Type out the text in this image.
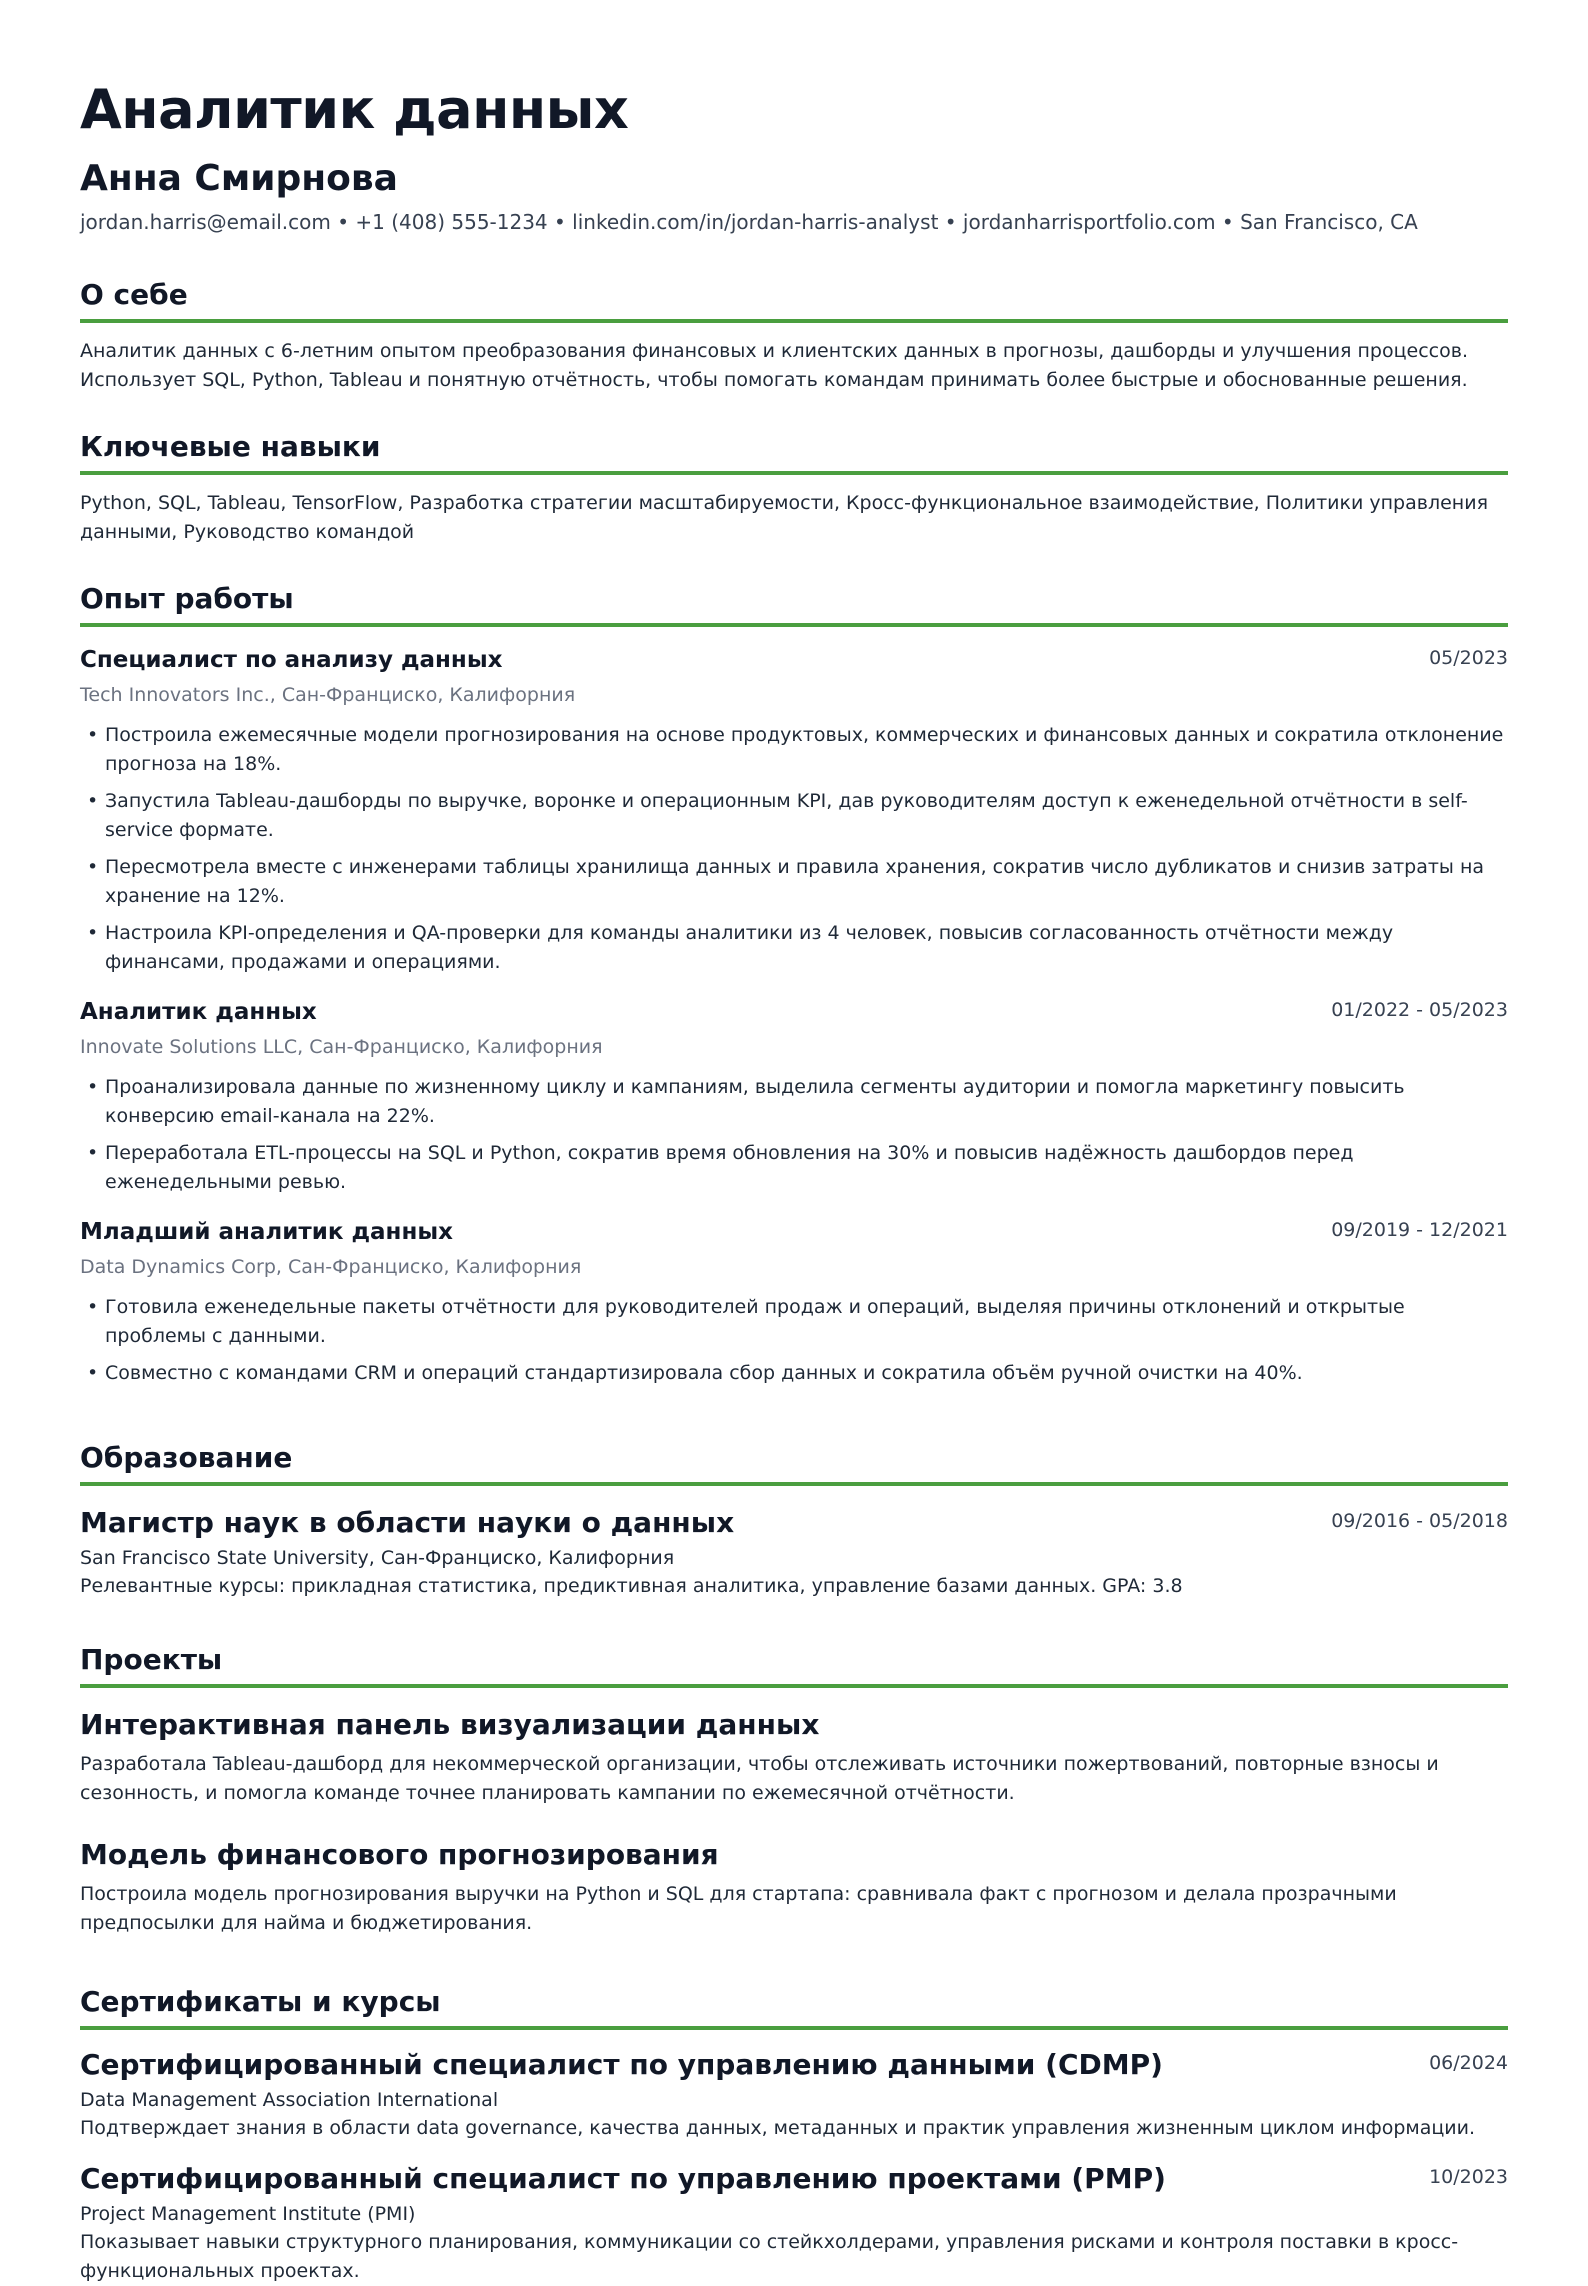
Аналитик данных
Анна Смирнова
jordan.harris@email.com • +1 (408) 555-1234 • linkedin.com/in/jordan-harris-analyst • jordanharrisportfolio.com • San Francisco, CA
О себе
Аналитик данных с 6-летним опытом преобразования финансовых и клиентских данных в прогнозы, дашборды и улучшения процессов. Использует SQL, Python, Tableau и понятную отчётность, чтобы помогать командам принимать более быстрые и обоснованные решения.
Ключевые навыки
Python, SQL, Tableau, TensorFlow, Разработка стратегии масштабируемости, Кросс-функциональное взаимодействие, Политики управления данными, Руководство командой
Опыт работы
Специалист по анализу данных	05/2023
Tech Innovators Inc., Сан-Франциско, Калифорния
• Построила ежемесячные модели прогнозирования на основе продуктовых, коммерческих и финансовых данных и сократила отклонение прогноза на 18%.
• Запустила Tableau-дашборды по выручке, воронке и операционным KPI, дав руководителям доступ к еженедельной отчётности в self-service формате.
• Пересмотрела вместе с инженерами таблицы хранилища данных и правила хранения, сократив число дубликатов и снизив затраты на хранение на 12%.
• Настроила KPI-определения и QA-проверки для команды аналитики из 4 человек, повысив согласованность отчётности между финансами, продажами и операциями.
Аналитик данных	01/2022 - 05/2023
Innovate Solutions LLC, Сан-Франциско, Калифорния
• Проанализировала данные по жизненному циклу и кампаниям, выделила сегменты аудитории и помогла маркетингу повысить конверсию email-канала на 22%.
• Переработала ETL-процессы на SQL и Python, сократив время обновления на 30% и повысив надёжность дашбордов перед еженедельными ревью.
Младший аналитик данных	09/2019 - 12/2021
Data Dynamics Corp, Сан-Франциско, Калифорния
• Готовила еженедельные пакеты отчётности для руководителей продаж и операций, выделяя причины отклонений и открытые проблемы с данными.
• Совместно с командами CRM и операций стандартизировала сбор данных и сократила объём ручной очистки на 40%.
Образование
Магистр наук в области науки о данных	09/2016 - 05/2018
San Francisco State University, Сан-Франциско, Калифорния
Релевантные курсы: прикладная статистика, предиктивная аналитика, управление базами данных. GPA: 3.8
Проекты
Интерактивная панель визуализации данных
Разработала Tableau-дашборд для некоммерческой организации, чтобы отслеживать источники пожертвований, повторные взносы и сезонность, и помогла команде точнее планировать кампании по ежемесячной отчётности.
Модель финансового прогнозирования
Построила модель прогнозирования выручки на Python и SQL для стартапа: сравнивала факт с прогнозом и делала прозрачными предпосылки для найма и бюджетирования.
Сертификаты и курсы
Сертифицированный специалист по управлению данными (CDMP)	06/2024
Data Management Association International
Подтверждает знания в области data governance, качества данных, метаданных и практик управления жизненным циклом информации.
Сертифицированный специалист по управлению проектами (PMP)	10/2023
Project Management Institute (PMI)
Показывает навыки структурного планирования, коммуникации со стейкхолдерами, управления рисками и контроля поставки в кросс-функциональных проектах.
